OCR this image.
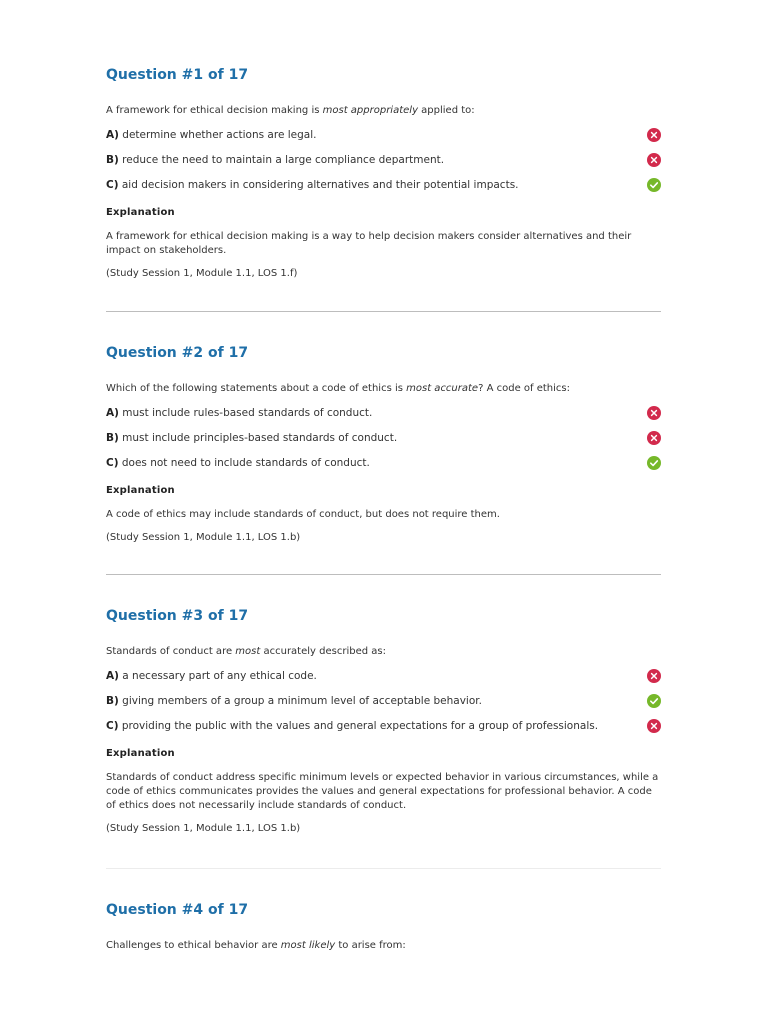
Question #1 of 17
A framework for ethical decision making is most appropriately applied to:
A) determine whether actions are legal.
B) reduce the need to maintain a large compliance department.
C) aid decision makers in considering alternatives and their potential impacts.
Explanation
A framework for ethical decision making is a way to help decision makers consider alternatives and their impact on stakeholders.
(Study Session 1, Module 1.1, LOS 1.f)
Question #2 of 17
Which of the following statements about a code of ethics is most accurate? A code of ethics:
A) must include rules-based standards of conduct.
B) must include principles-based standards of conduct.
C) does not need to include standards of conduct.
Explanation
A code of ethics may include standards of conduct, but does not require them.
(Study Session 1, Module 1.1, LOS 1.b)
Question #3 of 17
Standards of conduct are most accurately described as:
A) a necessary part of any ethical code.
B) giving members of a group a minimum level of acceptable behavior.
C) providing the public with the values and general expectations for a group of professionals.
Explanation
Standards of conduct address specific minimum levels or expected behavior in various circumstances, while a code of ethics communicates provides the values and general expectations for professional behavior. A code of ethics does not necessarily include standards of conduct.
(Study Session 1, Module 1.1, LOS 1.b)
Question #4 of 17
Challenges to ethical behavior are most likely to arise from:
